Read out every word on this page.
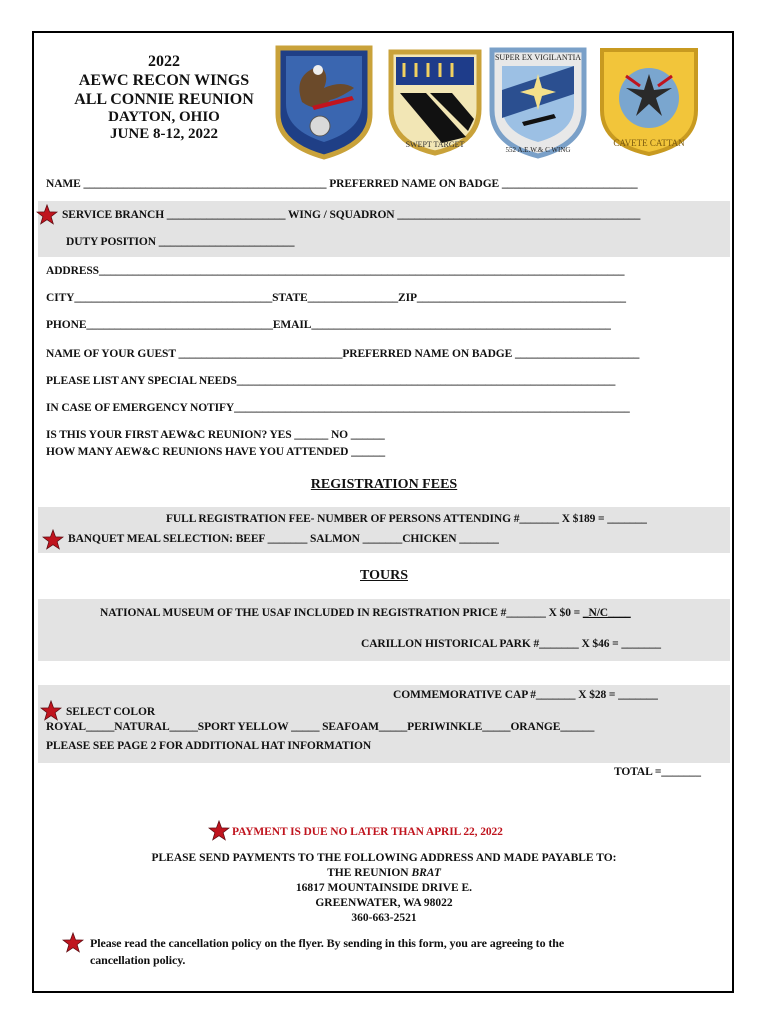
2022
AEWC RECON WINGS
ALL CONNIE REUNION
DAYTON, OHIO
JUNE 8-12, 2022
SWEPT TARGET
SUPER EX VIGILANTIA
552 A.E.W.& C WING
CAVETE CATTAN
NAME ___________________________________________ PREFERRED NAME ON BADGE ________________________
SERVICE BRANCH _____________________ WING / SQUADRON ___________________________________________
DUTY POSITION ________________________
ADDRESS_____________________________________________________________________________________________
CITY___________________________________STATE________________ZIP_____________________________________
PHONE_________________________________EMAIL_____________________________________________________
NAME OF YOUR GUEST _____________________________PREFERRED NAME ON BADGE ______________________
PLEASE LIST ANY SPECIAL NEEDS___________________________________________________________________
IN CASE OF EMERGENCY NOTIFY______________________________________________________________________
IS THIS YOUR FIRST AEW&C REUNION? YES ______ NO ______
HOW MANY AEW&C REUNIONS HAVE YOU ATTENDED ______
REGISTRATION FEES
FULL REGISTRATION FEE- NUMBER OF PERSONS ATTENDING #_______ X $189 = _______
BANQUET MEAL SELECTION: BEEF _______ SALMON _______CHICKEN _______
TOURS
NATIONAL MUSEUM OF THE USAF INCLUDED IN REGISTRATION PRICE #_______ X $0 = _N/C____
CARILLON HISTORICAL PARK #_______ X $46 = _______
COMMEMORATIVE CAP #_______ X $28 = _______
SELECT COLOR
ROYAL_____NATURAL_____SPORT YELLOW _____ SEAFOAM_____PERIWINKLE_____ORANGE______
PLEASE SEE PAGE 2 FOR ADDITIONAL HAT INFORMATION
TOTAL =_______
PAYMENT IS DUE NO LATER THAN APRIL 22, 2022
PLEASE SEND PAYMENTS TO THE FOLLOWING ADDRESS AND MADE PAYABLE TO:
THE REUNION BRAT
16817 MOUNTAINSIDE DRIVE E.
GREENWATER, WA 98022
360-663-2521
Please read the cancellation policy on the flyer. By sending in this form, you are agreeing to the
cancellation policy.
